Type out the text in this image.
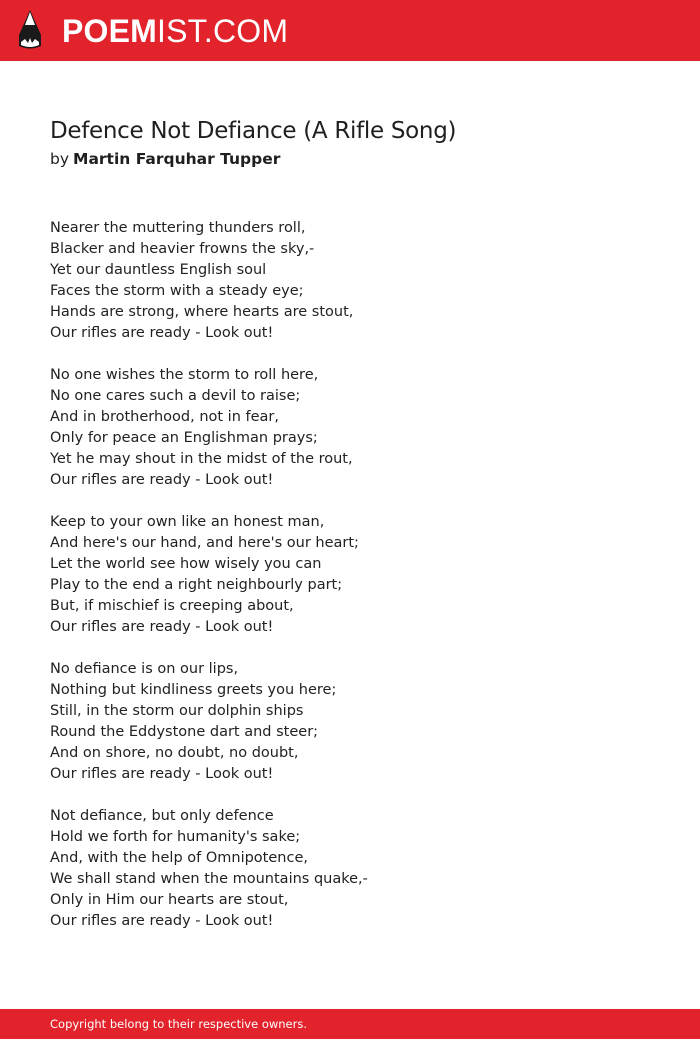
POEMIST.COM
Defence Not Defiance (A Rifle Song)
by Martin Farquhar Tupper
Nearer the muttering thunders roll,
Blacker and heavier frowns the sky,-
Yet our dauntless English soul
Faces the storm with a steady eye;
Hands are strong, where hearts are stout,
Our rifles are ready - Look out!
No one wishes the storm to roll here,
No one cares such a devil to raise;
And in brotherhood, not in fear,
Only for peace an Englishman prays;
Yet he may shout in the midst of the rout,
Our rifles are ready - Look out!
Keep to your own like an honest man,
And here's our hand, and here's our heart;
Let the world see how wisely you can
Play to the end a right neighbourly part;
But, if mischief is creeping about,
Our rifles are ready - Look out!
No defiance is on our lips,
Nothing but kindliness greets you here;
Still, in the storm our dolphin ships
Round the Eddystone dart and steer;
And on shore, no doubt, no doubt,
Our rifles are ready - Look out!
Not defiance, but only defence
Hold we forth for humanity's sake;
And, with the help of Omnipotence,
We shall stand when the mountains quake,-
Only in Him our hearts are stout,
Our rifles are ready - Look out!
Copyright belong to their respective owners.
